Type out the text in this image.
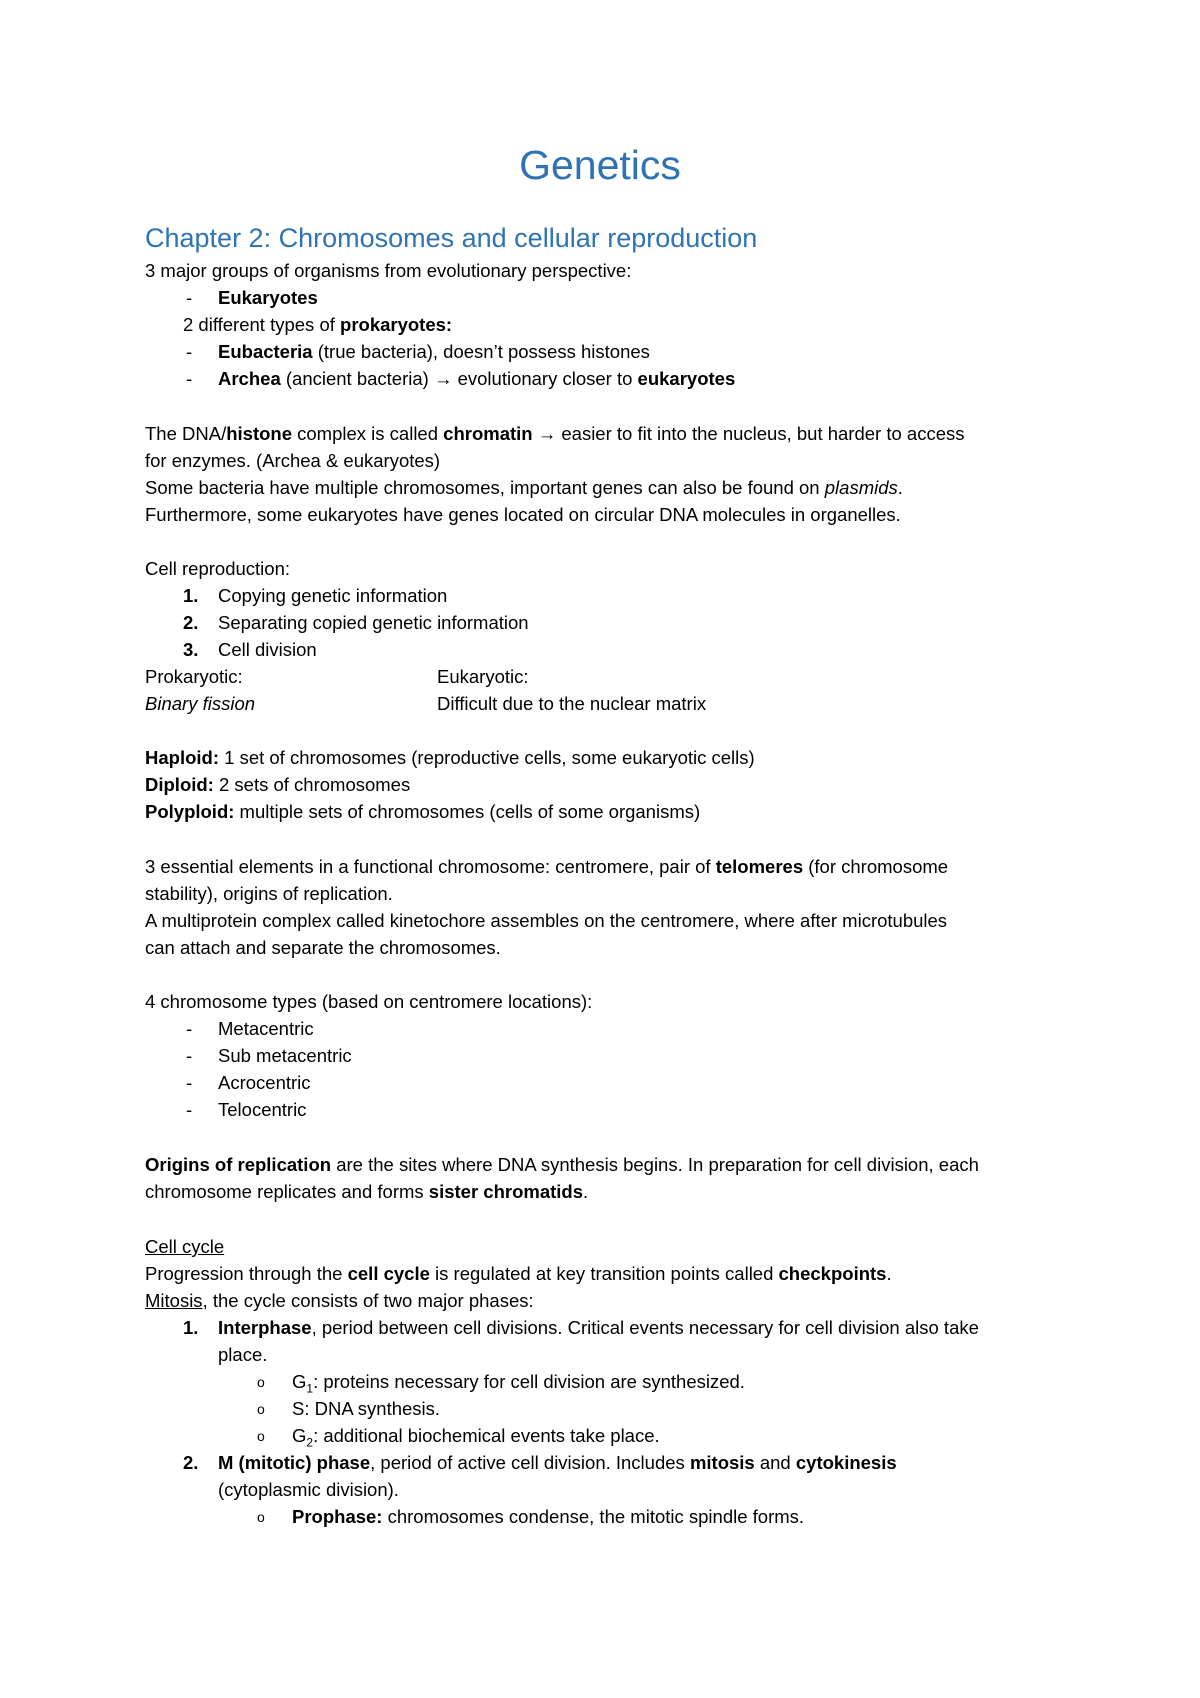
Genetics
Chapter 2: Chromosomes and cellular reproduction
3 major groups of organisms from evolutionary perspective:
- Eukaryotes
2 different types of prokaryotes:
- Eubacteria (true bacteria), doesn’t possess histones
- Archea (ancient bacteria) → evolutionary closer to eukaryotes
The DNA/histone complex is called chromatin → easier to fit into the nucleus, but harder to access
for enzymes. (Archea & eukaryotes)
Some bacteria have multiple chromosomes, important genes can also be found on plasmids.
Furthermore, some eukaryotes have genes located on circular DNA molecules in organelles.
Cell reproduction:
1. Copying genetic information
2. Separating copied genetic information
3. Cell division
Prokaryotic:	Eukaryotic:
Binary fission	Difficult due to the nuclear matrix
Haploid: 1 set of chromosomes (reproductive cells, some eukaryotic cells)
Diploid: 2 sets of chromosomes
Polyploid: multiple sets of chromosomes (cells of some organisms)
3 essential elements in a functional chromosome: centromere, pair of telomeres (for chromosome
stability), origins of replication.
A multiprotein complex called kinetochore assembles on the centromere, where after microtubules
can attach and separate the chromosomes.
4 chromosome types (based on centromere locations):
- Metacentric
- Sub metacentric
- Acrocentric
- Telocentric
Origins of replication are the sites where DNA synthesis begins. In preparation for cell division, each
chromosome replicates and forms sister chromatids.
Cell cycle
Progression through the cell cycle is regulated at key transition points called checkpoints.
Mitosis, the cycle consists of two major phases:
1. Interphase, period between cell divisions. Critical events necessary for cell division also take
place.
o $G_1$: proteins necessary for cell division are synthesized.
o S: DNA synthesis.
o $G_2$: additional biochemical events take place.
2. M (mitotic) phase, period of active cell division. Includes mitosis and cytokinesis
(cytoplasmic division).
o Prophase: chromosomes condense, the mitotic spindle forms.
